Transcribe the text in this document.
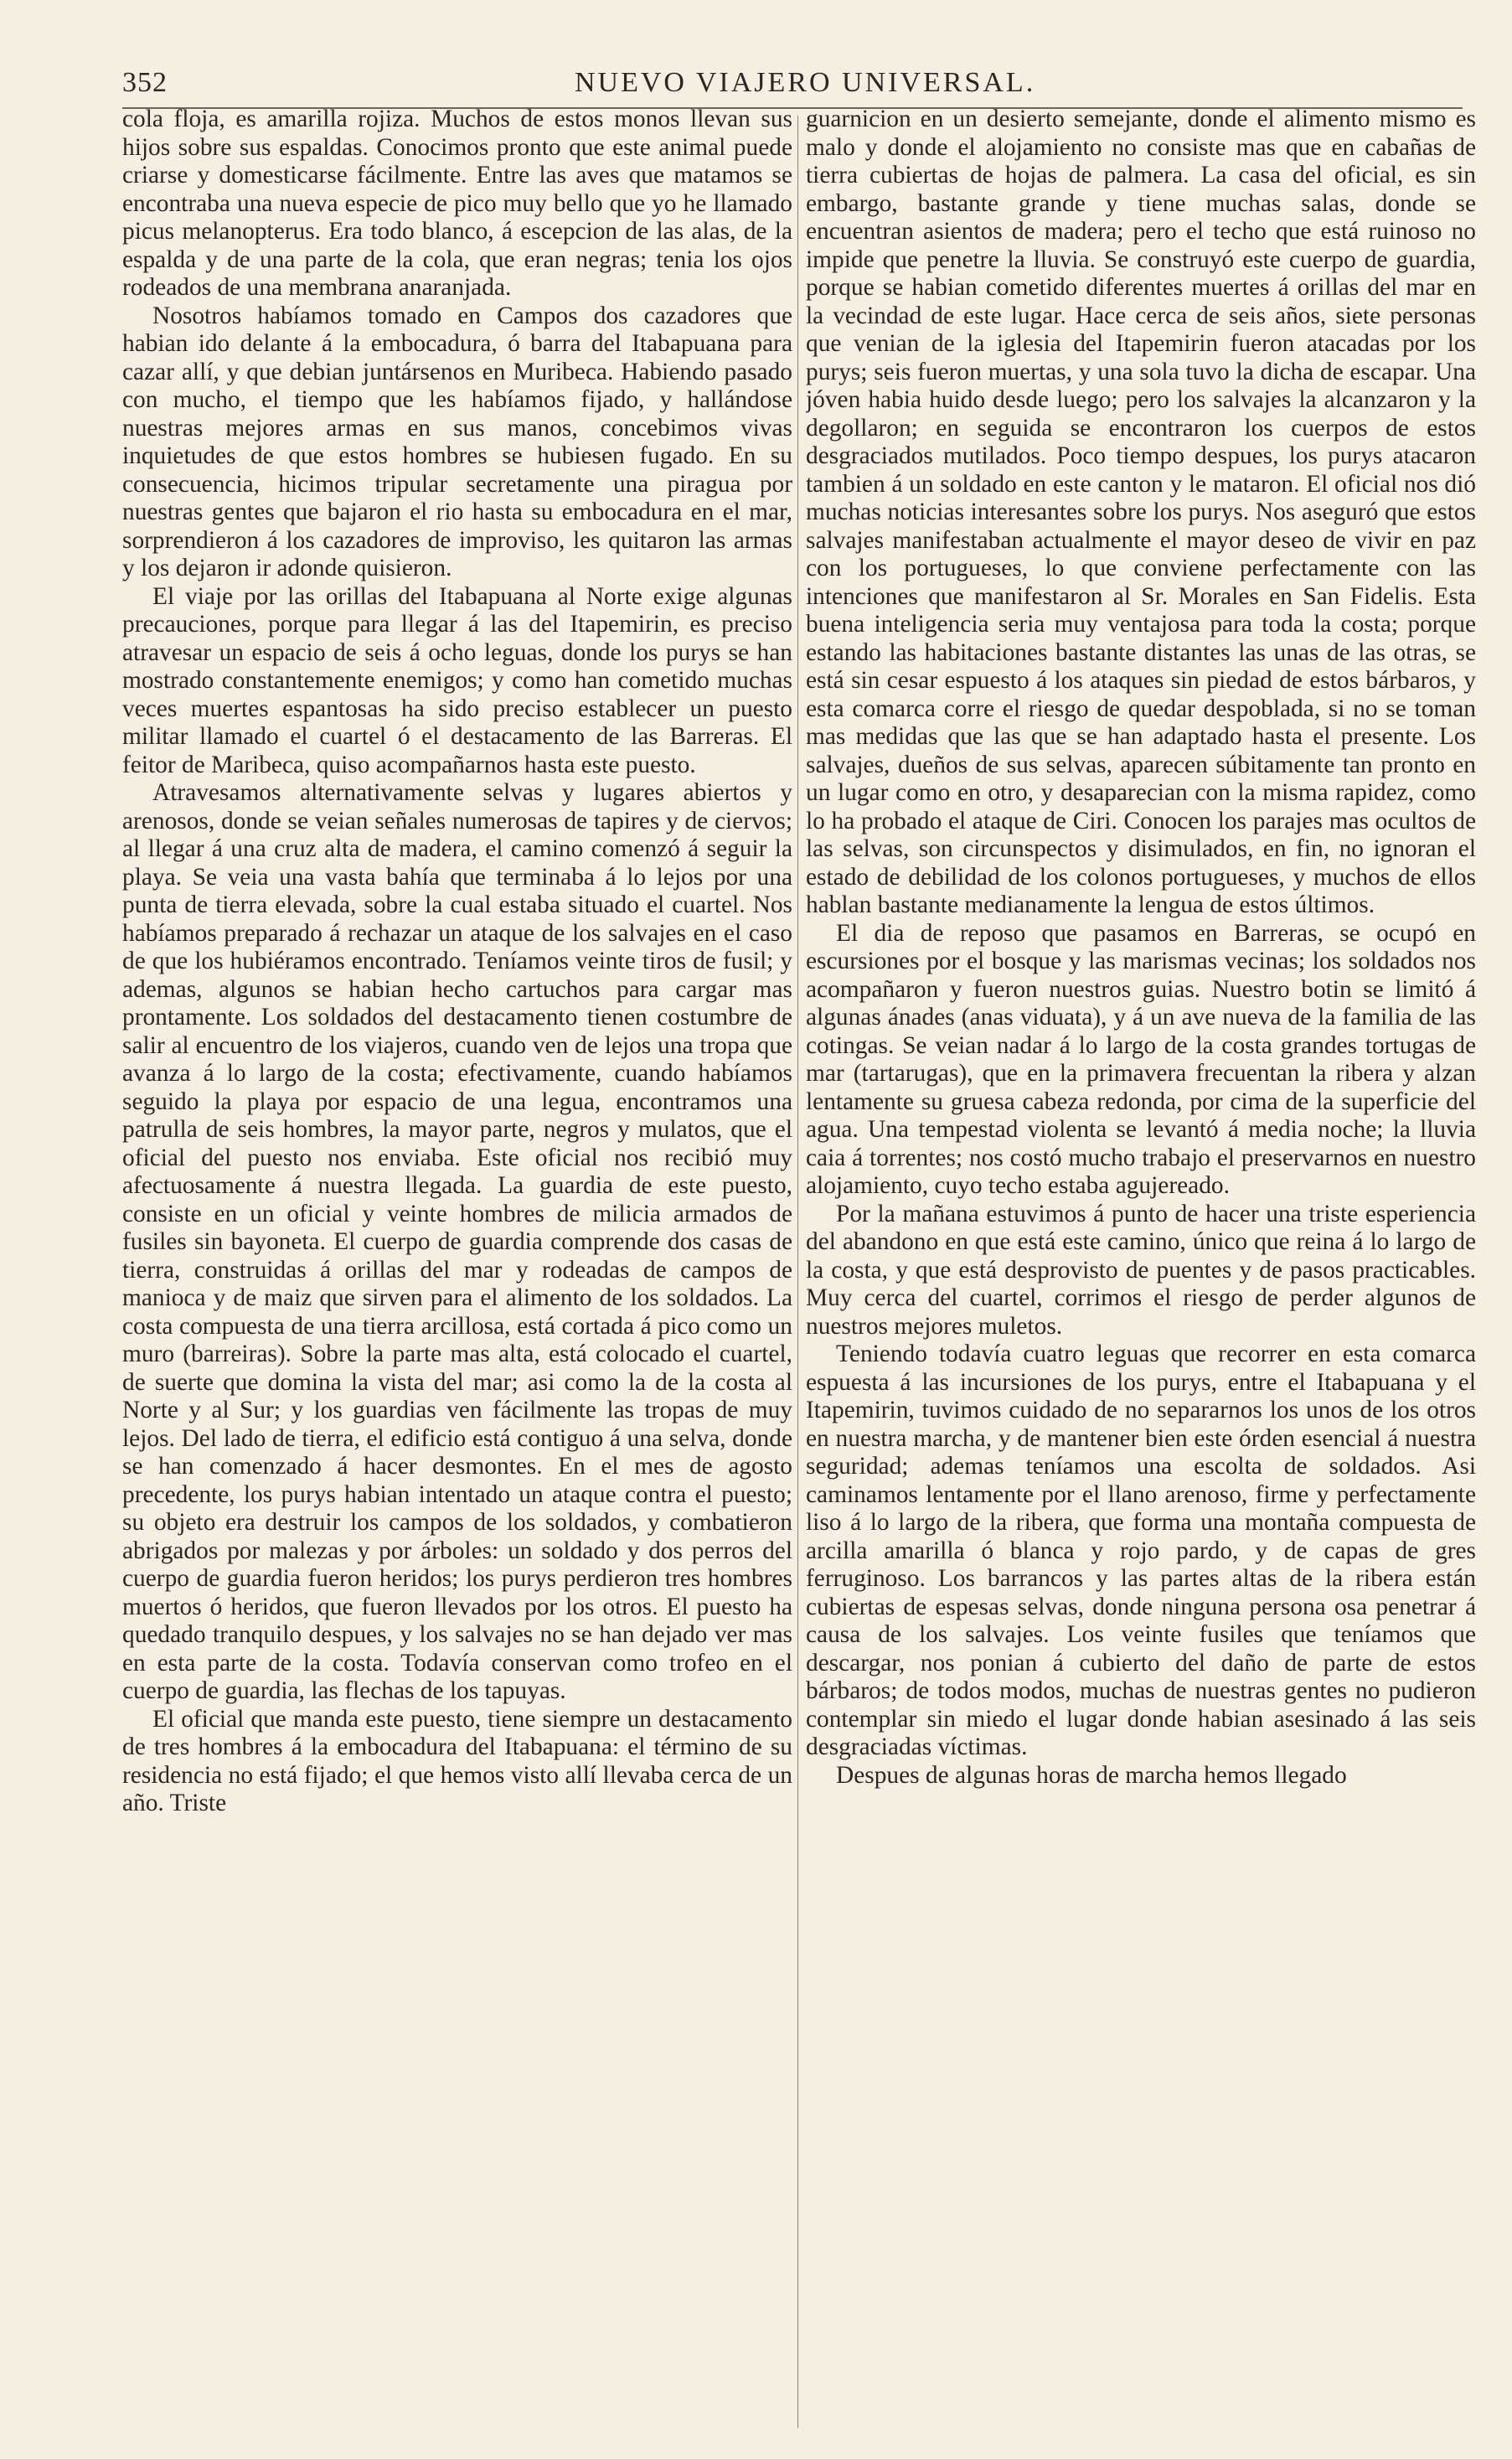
352	NUEVO VIAJERO UNIVERSAL.

cola floja, es amarilla rojiza. Muchos de estos monos llevan sus hijos sobre sus espaldas. Conocimos pronto que este animal puede criarse y domesticarse fácilmente. Entre las aves que matamos se encontraba una nueva especie de pico muy bello que yo he llamado picus melanopterus. Era todo blanco, á escepcion de las alas, de la espalda y de una parte de la cola, que eran negras; tenia los ojos rodeados de una membrana anaranjada.

Nosotros habíamos tomado en Campos dos cazadores que habian ido delante á la embocadura, ó barra del Itabapuana para cazar allí, y que debian juntársenos en Muribeca. Habiendo pasado con mucho, el tiempo que les habíamos fijado, y hallándose nuestras mejores armas en sus manos, concebimos vivas inquietudes de que estos hombres se hubiesen fugado. En su consecuencia, hicimos tripular secretamente una piragua por nuestras gentes que bajaron el rio hasta su embocadura en el mar, sorprendieron á los cazadores de improviso, les quitaron las armas y los dejaron ir adonde quisieron.

El viaje por las orillas del Itabapuana al Norte exige algunas precauciones, porque para llegar á las del Itapemirin, es preciso atravesar un espacio de seis á ocho leguas, donde los purys se han mostrado constantemente enemigos; y como han cometido muchas veces muertes espantosas ha sido preciso establecer un puesto militar llamado el cuartel ó el destacamento de las Barreras. El feitor de Maribeca, quiso acompañarnos hasta este puesto.

Atravesamos alternativamente selvas y lugares abiertos y arenosos, donde se veian señales numerosas de tapires y de ciervos; al llegar á una cruz alta de madera, el camino comenzó á seguir la playa. Se veia una vasta bahía que terminaba á lo lejos por una punta de tierra elevada, sobre la cual estaba situado el cuartel. Nos habíamos preparado á rechazar un ataque de los salvajes en el caso de que los hubiéramos encontrado. Teníamos veinte tiros de fusil; y ademas, algunos se habian hecho cartuchos para cargar mas prontamente. Los soldados del destacamento tienen costumbre de salir al encuentro de los viajeros, cuando ven de lejos una tropa que avanza á lo largo de la costa; efectivamente, cuando habíamos seguido la playa por espacio de una legua, encontramos una patrulla de seis hombres, la mayor parte, negros y mulatos, que el oficial del puesto nos enviaba. Este oficial nos recibió muy afectuosamente á nuestra llegada. La guardia de este puesto, consiste en un oficial y veinte hombres de milicia armados de fusiles sin bayoneta. El cuerpo de guardia comprende dos casas de tierra, construidas á orillas del mar y rodeadas de campos de manioca y de maiz que sirven para el alimento de los soldados. La costa compuesta de una tierra arcillosa, está cortada á pico como un muro (barreiras). Sobre la parte mas alta, está colocado el cuartel, de suerte que domina la vista del mar; asi como la de la costa al Norte y al Sur; y los guardias ven fácilmente las tropas de muy lejos. Del lado de tierra, el edificio está contiguo á una selva, donde se han comenzado á hacer desmontes. En el mes de agosto precedente, los purys habian intentado un ataque contra el puesto; su objeto era destruir los campos de los soldados, y combatieron abrigados por malezas y por árboles: un soldado y dos perros del cuerpo de guardia fueron heridos; los purys perdieron tres hombres muertos ó heridos, que fueron llevados por los otros. El puesto ha quedado tranquilo despues, y los salvajes no se han dejado ver mas en esta parte de la costa. Todavía conservan como trofeo en el cuerpo de guardia, las flechas de los tapuyas.

El oficial que manda este puesto, tiene siempre un destacamento de tres hombres á la embocadura del Itabapuana: el término de su residencia no está fijado; el que hemos visto allí llevaba cerca de un año. Triste

guarnicion en un desierto semejante, donde el alimento mismo es malo y donde el alojamiento no consiste mas que en cabañas de tierra cubiertas de hojas de palmera. La casa del oficial, es sin embargo, bastante grande y tiene muchas salas, donde se encuentran asientos de madera; pero el techo que está ruinoso no impide que penetre la lluvia. Se construyó este cuerpo de guardia, porque se habian cometido diferentes muertes á orillas del mar en la vecindad de este lugar. Hace cerca de seis años, siete personas que venian de la iglesia del Itapemirin fueron atacadas por los purys; seis fueron muertas, y una sola tuvo la dicha de escapar. Una jóven habia huido desde luego; pero los salvajes la alcanzaron y la degollaron; en seguida se encontraron los cuerpos de estos desgraciados mutilados. Poco tiempo despues, los purys atacaron tambien á un soldado en este canton y le mataron. El oficial nos dió muchas noticias interesantes sobre los purys. Nos aseguró que estos salvajes manifestaban actualmente el mayor deseo de vivir en paz con los portugueses, lo que conviene perfectamente con las intenciones que manifestaron al Sr. Morales en San Fidelis. Esta buena inteligencia seria muy ventajosa para toda la costa; porque estando las habitaciones bastante distantes las unas de las otras, se está sin cesar espuesto á los ataques sin piedad de estos bárbaros, y esta comarca corre el riesgo de quedar despoblada, si no se toman mas medidas que las que se han adaptado hasta el presente. Los salvajes, dueños de sus selvas, aparecen súbitamente tan pronto en un lugar como en otro, y desaparecian con la misma rapidez, como lo ha probado el ataque de Ciri. Conocen los parajes mas ocultos de las selvas, son circunspectos y disimulados, en fin, no ignoran el estado de debilidad de los colonos portugueses, y muchos de ellos hablan bastante medianamente la lengua de estos últimos.

El dia de reposo que pasamos en Barreras, se ocupó en escursiones por el bosque y las marismas vecinas; los soldados nos acompañaron y fueron nuestros guias. Nuestro botin se limitó á algunas ánades (anas viduata), y á un ave nueva de la familia de las cotingas. Se veian nadar á lo largo de la costa grandes tortugas de mar (tartarugas), que en la primavera frecuentan la ribera y alzan lentamente su gruesa cabeza redonda, por cima de la superficie del agua. Una tempestad violenta se levantó á media noche; la lluvia caia á torrentes; nos costó mucho trabajo el preservarnos en nuestro alojamiento, cuyo techo estaba agujereado.

Por la mañana estuvimos á punto de hacer una triste esperiencia del abandono en que está este camino, único que reina á lo largo de la costa, y que está desprovisto de puentes y de pasos practicables. Muy cerca del cuartel, corrimos el riesgo de perder algunos de nuestros mejores muletos.

Teniendo todavía cuatro leguas que recorrer en esta comarca espuesta á las incursiones de los purys, entre el Itabapuana y el Itapemirin, tuvimos cuidado de no separarnos los unos de los otros en nuestra marcha, y de mantener bien este órden esencial á nuestra seguridad; ademas teníamos una escolta de soldados. Asi caminamos lentamente por el llano arenoso, firme y perfectamente liso á lo largo de la ribera, que forma una montaña compuesta de arcilla amarilla ó blanca y rojo pardo, y de capas de gres ferruginoso. Los barrancos y las partes altas de la ribera están cubiertas de espesas selvas, donde ninguna persona osa penetrar á causa de los salvajes. Los veinte fusiles que teníamos que descargar, nos ponian á cubierto del daño de parte de estos bárbaros; de todos modos, muchas de nuestras gentes no pudieron contemplar sin miedo el lugar donde habian asesinado á las seis desgraciadas víctimas.

Despues de algunas horas de marcha hemos llegado
